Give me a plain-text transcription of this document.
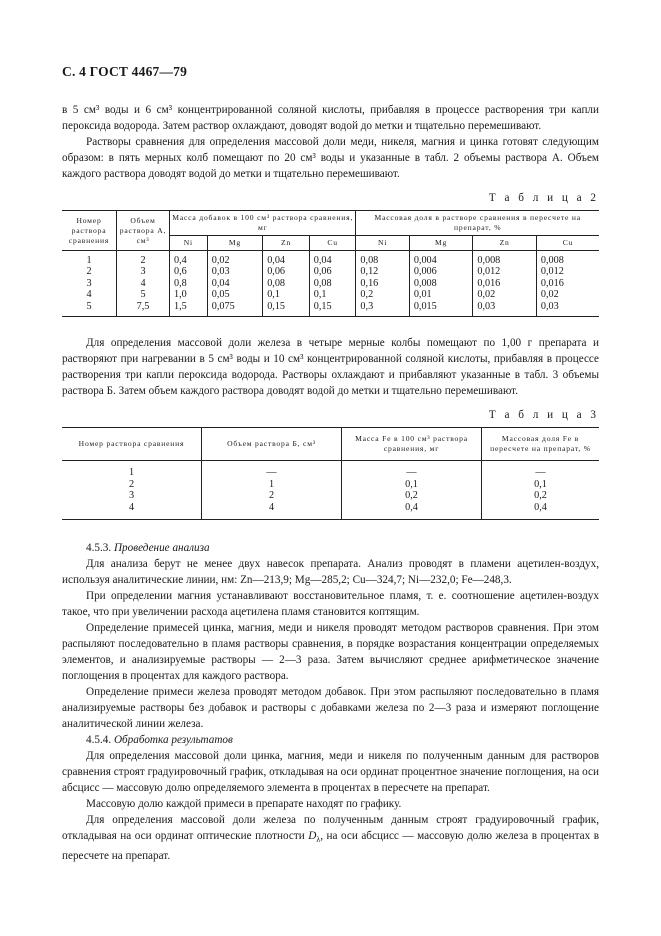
С. 4 ГОСТ 4467—79

в 5 см³ воды и 6 см³ концентрированной соляной кислоты, прибавляя в процессе растворения три капли пероксида водорода. Затем раствор охлаждают, доводят водой до метки и тщательно перемешивают.

Растворы сравнения для определения массовой доли меди, никеля, магния и цинка готовят следующим образом: в пять мерных колб помещают по 20 см³ воды и указанные в табл. 2 объемы раствора А. Объем каждого раствора доводят водой до метки и тщательно перемешивают.

Т а б л и ц а 2
Номер раствора сравнения	Объем раствора А, см³	Масса добавок в 100 см³ раствора сравнения, мг				Массовая доля в растворе сравнения в пересчете на препарат, %			
		Ni	Mg	Zn	Cu	Ni	Mg	Zn	Cu

1	2	0,4	0,02	0,04	0,04	0,08	0,004	0,008	0,008
2	3	0,6	0,03	0,06	0,06	0,12	0,006	0,012	0,012
3	4	0,8	0,04	0,08	0,08	0,16	0,008	0,016	0,016
4	5	1,0	0,05	0,1	0,1	0,2	0,01	0,02	0,02
5	7,5	1,5	0,075	0,15	0,15	0,3	0,015	0,03	0,03

Для определения массовой доли железа в четыре мерные колбы помещают по 1,00 г препарата и растворяют при нагревании в 5 см³ воды и 10 см³ концентрированной соляной кислоты, прибавляя в процессе растворения три капли пероксида водорода. Растворы охлаждают и прибавляют указанные в табл. 3 объемы раствора Б. Затем объем каждого раствора доводят водой до метки и тщательно перемешивают.

Т а б л и ц а 3
Номер раствора сравнения	Объем раствора Б, см³	Масса Fe в 100 см³ раствора сравнения, мг	Массовая доля Fe в пересчете на препарат, %

1	—	—	—
2	1	0,1	0,1
3	2	0,2	0,2
4	4	0,4	0,4

4.5.3. Проведение анализа

Для анализа берут не менее двух навесок препарата. Анализ проводят в пламени ацетилен-воздух, используя аналитические линии, нм: Zn—213,9; Mg—285,2; Cu—324,7; Ni—232,0; Fe—248,3.

При определении магния устанавливают восстановительное пламя, т. е. соотношение ацетилен-воздух такое, что при увеличении расхода ацетилена пламя становится коптящим.

Определение примесей цинка, магния, меди и никеля проводят методом растворов сравнения. При этом распыляют последовательно в пламя растворы сравнения, в порядке возрастания концентрации определяемых элементов, и анализируемые растворы — 2—3 раза. Затем вычисляют среднее арифметическое значение поглощения в процентах для каждого раствора.

Определение примеси железа проводят методом добавок. При этом распыляют последовательно в пламя анализируемые растворы без добавок и растворы с добавками железа по 2—3 раза и измеряют поглощение аналитической линии железа.

4.5.4. Обработка результатов

Для определения массовой доли цинка, магния, меди и никеля по полученным данным для растворов сравнения строят градуировочный график, откладывая на оси ординат процентное значение поглощения, на оси абсцисс — массовую долю определяемого элемента в процентах в пересчете на препарат.

Массовую долю каждой примеси в препарате находят по графику.

Для определения массовой доли железа по полученным данным строят градуировочный график, откладывая на оси ординат оптические плотности $D_\lambda$, на оси абсцисс — массовую долю железа в процентах в пересчете на препарат.
